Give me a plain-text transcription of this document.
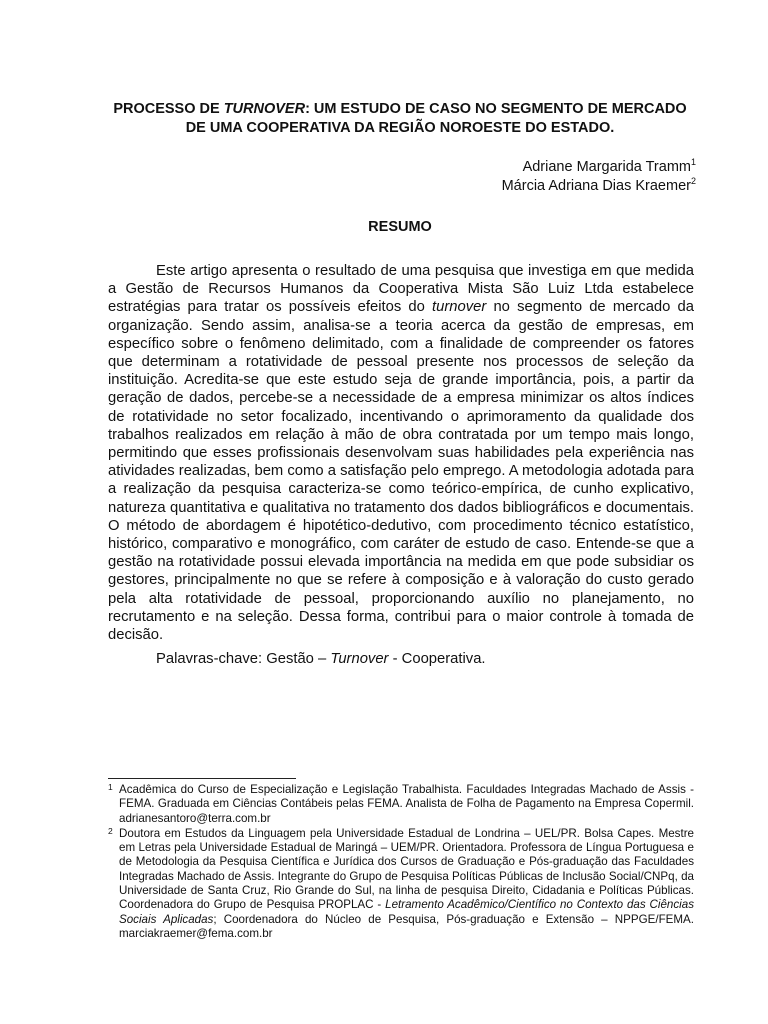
PROCESSO DE TURNOVER: UM ESTUDO DE CASO NO SEGMENTO DE MERCADO DE UMA COOPERATIVA DA REGIÃO NOROESTE DO ESTADO.
Adriane Margarida Tramm$^1$
Márcia Adriana Dias Kraemer$^2$
RESUMO

Este artigo apresenta o resultado de uma pesquisa que investiga em que medida a Gestão de Recursos Humanos da Cooperativa Mista São Luiz Ltda estabelece estratégias para tratar os possíveis efeitos do turnover no segmento de mercado da organização. Sendo assim, analisa-se a teoria acerca da gestão de empresas, em específico sobre o fenômeno delimitado, com a finalidade de compreender os fatores que determinam a rotatividade de pessoal presente nos processos de seleção da instituição. Acredita-se que este estudo seja de grande importância, pois, a partir da geração de dados, percebe-se a necessidade de a empresa minimizar os altos índices de rotatividade no setor focalizado, incentivando o aprimoramento da qualidade dos trabalhos realizados em relação à mão de obra contratada por um tempo mais longo, permitindo que esses profissionais desenvolvam suas habilidades pela experiência nas atividades realizadas, bem como a satisfação pelo emprego. A metodologia adotada para a realização da pesquisa caracteriza-se como teórico-empírica, de cunho explicativo, natureza quantitativa e qualitativa no tratamento dos dados bibliográficos e documentais. O método de abordagem é hipotético-dedutivo, com procedimento técnico estatístico, histórico, comparativo e monográfico, com caráter de estudo de caso. Entende-se que a gestão na rotatividade possui elevada importância na medida em que pode subsidiar os gestores, principalmente no que se refere à composição e à valoração do custo gerado pela alta rotatividade de pessoal, proporcionando auxílio no planejamento, no recrutamento e na seleção. Dessa forma, contribui para o maior controle à tomada de decisão.

Palavras-chave: Gestão – Turnover - Cooperativa.

1 Acadêmica do Curso de Especialização e Legislação Trabalhista. Faculdades Integradas Machado de Assis - FEMA. Graduada em Ciências Contábeis pelas FEMA. Analista de Folha de Pagamento na Empresa Copermil. adrianesantoro@terra.com.br

2 Doutora em Estudos da Linguagem pela Universidade Estadual de Londrina – UEL/PR. Bolsa Capes. Mestre em Letras pela Universidade Estadual de Maringá – UEM/PR. Orientadora. Professora de Língua Portuguesa e de Metodologia da Pesquisa Científica e Jurídica dos Cursos de Graduação e Pós-graduação das Faculdades Integradas Machado de Assis. Integrante do Grupo de Pesquisa Políticas Públicas de Inclusão Social/CNPq, da Universidade de Santa Cruz, Rio Grande do Sul, na linha de pesquisa Direito, Cidadania e Políticas Públicas. Coordenadora do Grupo de Pesquisa PROPLAC - Letramento Acadêmico/Científico no Contexto das Ciências Sociais Aplicadas; Coordenadora do Núcleo de Pesquisa, Pós-graduação e Extensão – NPPGE/FEMA. marciakraemer@fema.com.br
